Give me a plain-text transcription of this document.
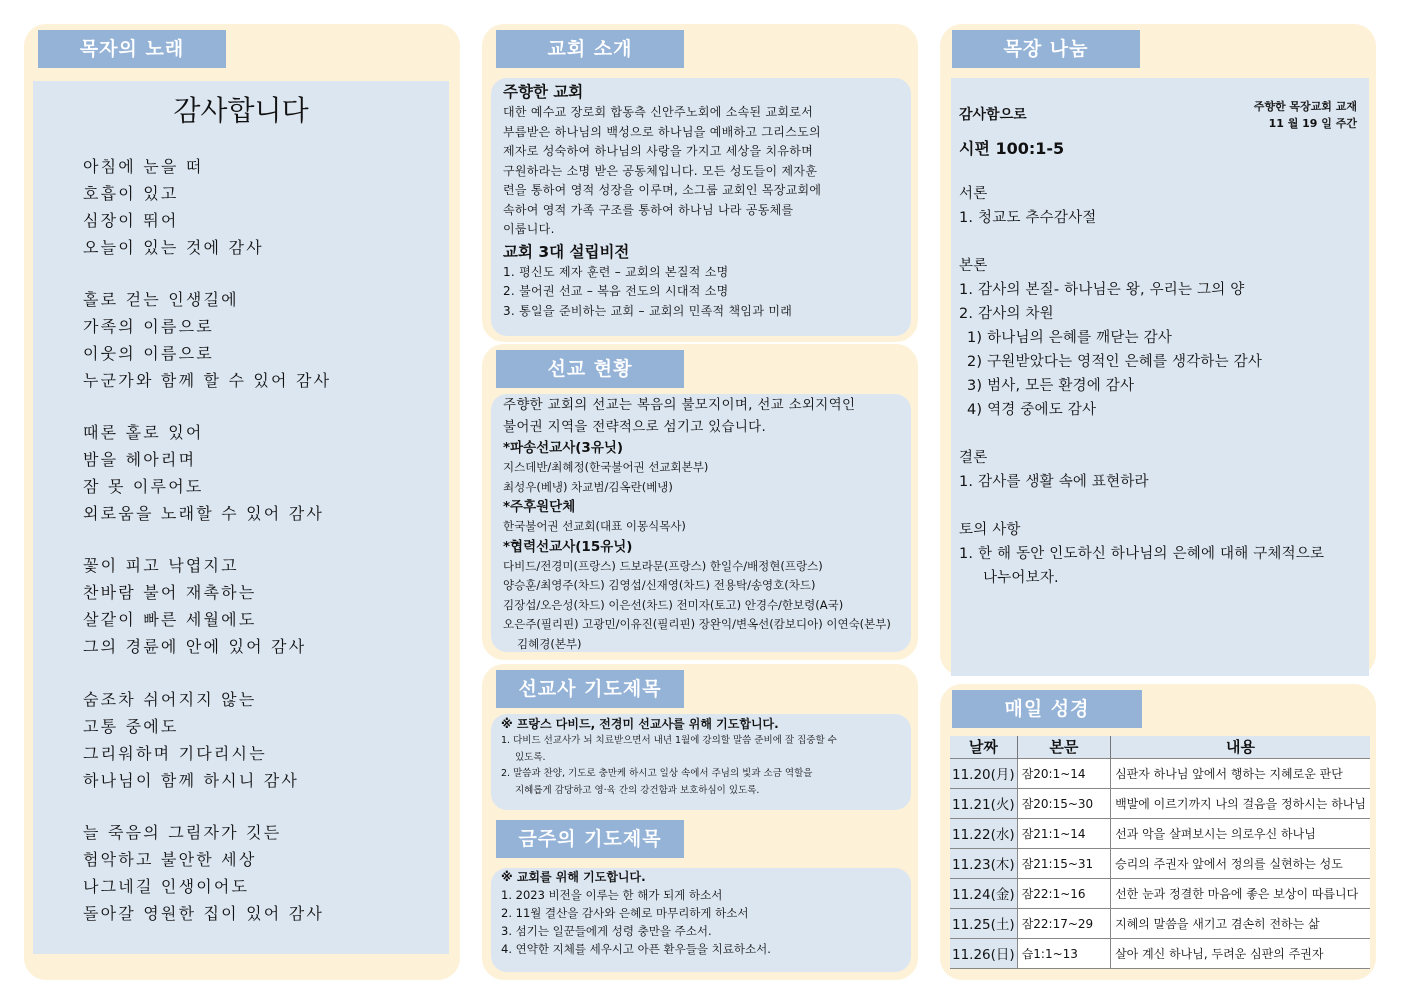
목자의 노래
감사합니다
아침에 눈을 떠
호흡이 있고
심장이 뛰어
오늘이 있는 것에 감사
홀로 걷는 인생길에
가족의 이름으로
이웃의 이름으로
누군가와 함께 할 수 있어 감사
때론 홀로 있어
밤을 헤아리며
잠 못 이루어도
외로움을 노래할 수 있어 감사
꽃이 피고 낙엽지고
찬바람 불어 재촉하는
살같이 빠른 세월에도
그의 경륜에 안에 있어 감사
숨조차 쉬어지지 않는
고통 중에도
그리워하며 기다리시는
하나님이 함께 하시니 감사
늘 죽음의 그림자가 깃든
험악하고 불안한 세상
나그네길 인생이어도
돌아갈 영원한 집이 있어 감사
교회 소개
주향한 교회
대한 예수교 장로회 합동측 신안주노회에 소속된 교회로서
부름받은 하나님의 백성으로 하나님을 예배하고 그리스도의
제자로 성숙하여 하나님의 사랑을 가지고 세상을 치유하며
구원하라는 소명 받은 공동체입니다. 모든 성도들이 제자훈
련을 통하여 영적 성장을 이루며, 소그룹 교회인 목장교회에
속하여 영적 가족 구조를 통하여 하나님 나라 공동체를
이룹니다.
교회 3대 설립비전
1. 평신도 제자 훈련 – 교회의 본질적 소명
2. 불어권 선교 – 복음 전도의 시대적 소명
3. 통일을 준비하는 교회 – 교회의 민족적 책임과 미래
선교 현황
주향한 교회의 선교는 복음의 불모지이며, 선교 소외지역인
불어권 지역을 전략적으로 섬기고 있습니다.
*파송선교사(3유닛)
지스데반/최혜정(한국불어권 선교회본부)
최성우(베냉) 차교범/김옥란(베냉)
*주후원단체
한국불어권 선교회(대표 이몽식목사)
*협력선교사(15유닛)
다비드/전경미(프랑스) 드보라문(프랑스) 한일수/배정현(프랑스)
양승훈/최영주(차드) 김영섭/신재영(차드) 전용탁/송영호(차드)
김장섭/오은성(차드) 이은선(차드) 전미자(토고) 안경수/한보령(A국)
오은주(필리핀) 고광민/이유진(필리핀) 장완익/변옥선(캄보디아) 이연숙(본부)
김혜경(본부)
선교사 기도제목
※ 프랑스 다비드, 전경미 선교사를 위해 기도합니다.
1. 다비드 선교사가 뇌 치료받으면서 내년 1월에 강의할 말씀 준비에 잘 집중할 수
있도록.
2. 말씀과 찬양, 기도로 충만케 하시고 일상 속에서 주님의 빛과 소금 역할을
지혜롭게 감당하고 영·육 간의 강건함과 보호하심이 있도록.
금주의 기도제목
※ 교회를 위해 기도합니다.
1. 2023 비전을 이루는 한 해가 되게 하소서
2. 11월 결산을 감사와 은혜로 마무리하게 하소서
3. 섬기는 일꾼들에게 성령 충만을 주소서.
4. 연약한 지체를 세우시고 아픈 환우들을 치료하소서.
목장 나눔
감사함으로
주향한 목장교회 교재
11 월 19 일 주간
시편 100:1-5
서론
1. 청교도 추수감사절
본론
1. 감사의 본질- 하나님은 왕, 우리는 그의 양
2. 감사의 차원
1) 하나님의 은혜를 깨닫는 감사
2) 구원받았다는 영적인 은혜를 생각하는 감사
3) 범사, 모든 환경에 감사
4) 역경 중에도 감사
결론
1. 감사를 생활 속에 표현하라
토의 사항
1. 한 해 동안 인도하신 하나님의 은혜에 대해 구체적으로
나누어보자.
매일 성경
날짜	본문	내용
11.20(月)	잠20:1~14	심판자 하나님 앞에서 행하는 지혜로운 판단
11.21(火)	잠20:15~30	백발에 이르기까지 나의 걸음을 정하시는 하나님
11.22(水)	잠21:1~14	선과 악을 살펴보시는 의로우신 하나님
11.23(木)	잠21:15~31	승리의 주권자 앞에서 정의를 실현하는 성도
11.24(金)	잠22:1~16	선한 눈과 정결한 마음에 좋은 보상이 따릅니다
11.25(土)	잠22:17~29	지혜의 말씀을 새기고 겸손히 전하는 삶
11.26(日)	습1:1~13	살아 계신 하나님, 두려운 심판의 주권자
